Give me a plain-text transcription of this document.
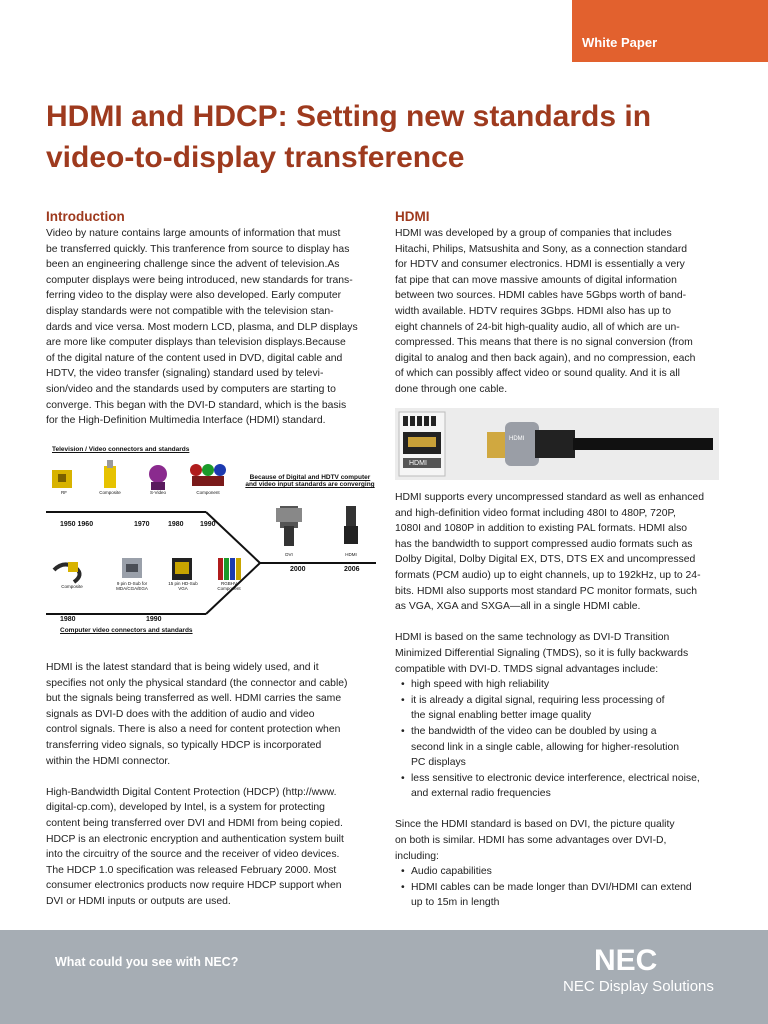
White Paper
HDMI and HDCP: Setting new standards in video-to-display transference
Introduction

Video by nature contains large amounts of information that must
be transferred quickly. This tranference from source to display has
been an engineering challenge since the advent of television.As
computer displays were being introduced, new standards for trans-
ferring video to the display were also developed. Early computer
display standards were not compatible with the television stan-
dards and vice versa. Most modern LCD, plasma, and DLP displays
are more like computer displays than television displays.Because
of the digital nature of the content used in DVD, digital cable and
HDTV, the video transfer (signaling) standard used by televi-
sion/video and the standards used by computers are starting to
converge. This began with the DVI-D standard, which is the basis
for the High-Definition Multimedia Interface (HDMI) standard.

Television / Video connectors and standards
Because of Digital and HDTV computer and video input standards are converging
RF	Composite	S-Video	Component
1950 1960	1970	1980 1990
DVI	HDMI
2000	2006
Composite
9 pin D-Sub for MDA/CGA/EGA
15 pin HD-Sub VGA
RGBHV Component
1980	1990
Computer video connectors and standards

HDMI is the latest standard that is being widely used, and it
specifies not only the physical standard (the connector and cable)
but the signals being transferred as well. HDMI carries the same
signals as DVI-D does with the addition of audio and video
control signals. There is also a need for content protection when
transferring video signals, so typically HDCP is incorporated
within the HDMI connector.

High-Bandwidth Digital Content Protection (HDCP) (http://www.
digital-cp.com), developed by Intel, is a system for protecting
content being transferred over DVI and HDMI from being copied.
HDCP is an electronic encryption and authentication system built
into the circuitry of the source and the receiver of video devices.
The HDCP 1.0 specification was released February 2000. Most
consumer electronics products now require HDCP support when
DVI or HDMI inputs or outputs are used.

HDMI

HDMI was developed by a group of companies that includes
Hitachi, Philips, Matsushita and Sony, as a connection standard
for HDTV and consumer electronics. HDMI is essentially a very
fat pipe that can move massive amounts of digital information
between two sources. HDMI cables have 5Gbps worth of band-
width available. HDTV requires 3Gbps. HDMI also has up to
eight channels of 24-bit high-quality audio, all of which are un-
compressed. This means that there is no signal conversion (from
digital to analog and then back again), and no compression, each
of which can possibly affect video or sound quality. And it is all
done through one cable.

HDMI
HDMI

HDMI supports every uncompressed standard as well as enhanced
and high-definition video format including 480I to 480P, 720P,
1080I and 1080P in addition to existing PAL formats. HDMI also
has the bandwidth to support compressed audio formats such as
Dolby Digital, Dolby Digital EX, DTS, DTS EX and uncompressed
formats (PCM audio) up to eight channels, up to 192kHz, up to 24-
bits. HDMI also supports most standard PC monitor formats, such
as VGA, XGA and SXGA—all in a single HDMI cable.

HDMI is based on the same technology as DVI-D Transition
Minimized Differential Signaling (TMDS), so it is fully backwards
compatible with DVI-D. TMDS signal advantages include:

• high speed with high reliability
• it is already a digital signal, requiring less processing of
the signal enabling better image quality
• the bandwidth of the video can be doubled by using a
second link in a single cable, allowing for higher-resolution
PC displays
• less sensitive to electronic device interference, electrical noise,
and external radio frequencies

Since the HDMI standard is based on DVI, the picture quality
on both is similar. HDMI has some advantages over DVI-D,
including:

• Audio capabilities
• HDMI cables can be made longer than DVI/HDMI can extend
up to 15m in length
What could you see with NEC?	NEC
NEC Display Solutions
